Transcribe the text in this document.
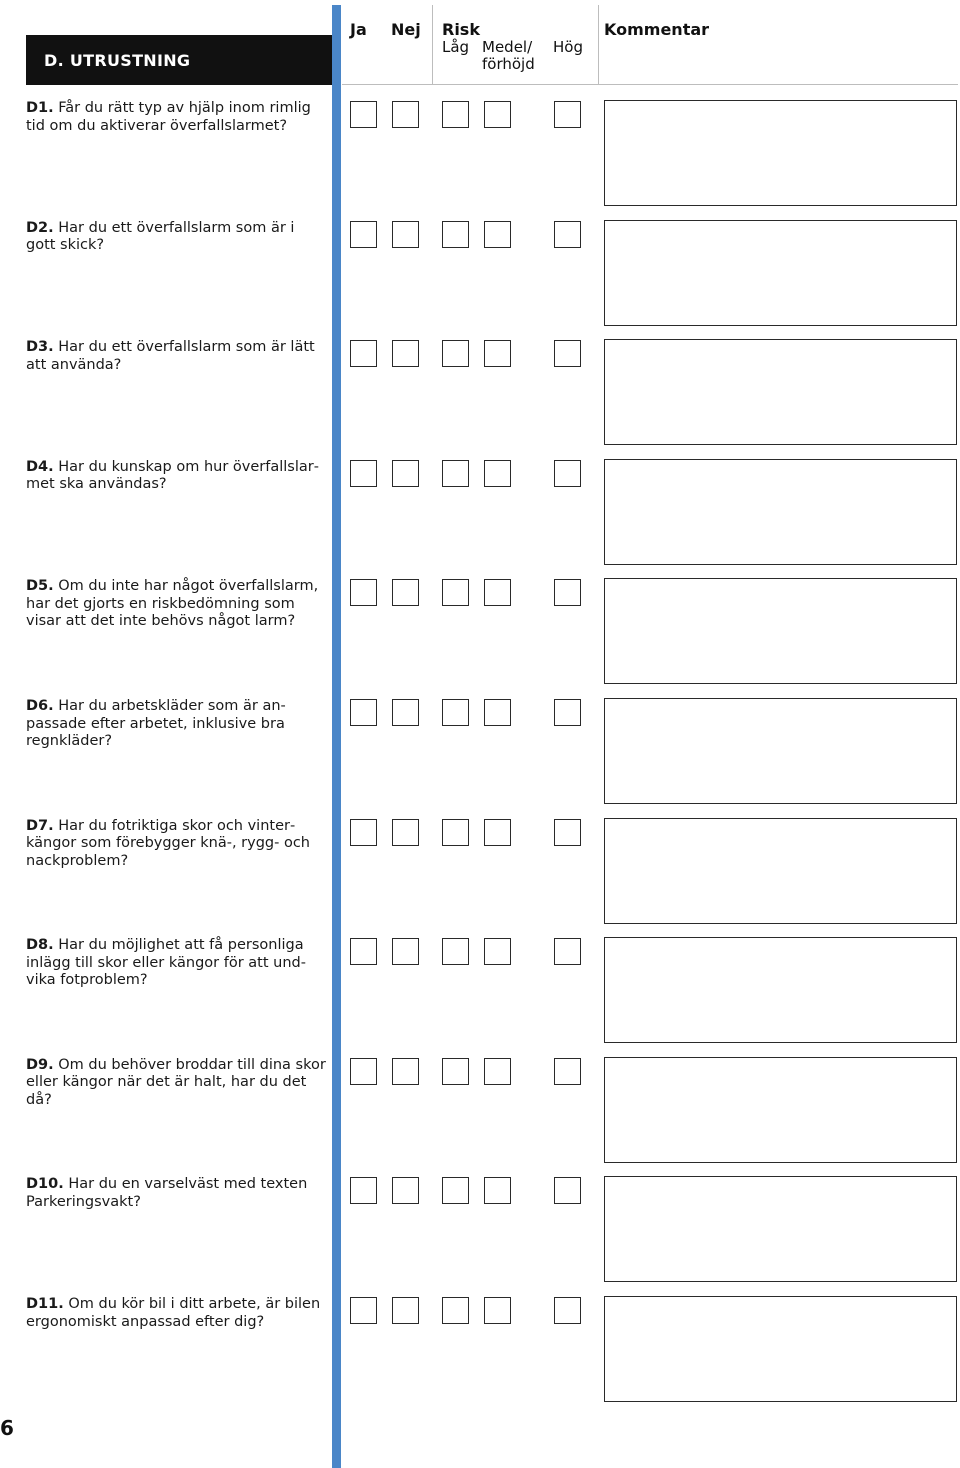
D. UTRUSTNING
Ja Nej Risk
Låg Medel/
förhöjd
Hög
Kommentar
D1. Får du rätt typ av hjälp inom rimlig tid om du aktiverar överfallslarmet?
D2. Har du ett överfallslarm som är i gott skick?
D3. Har du ett överfallslarm som är lätt att använda?
D4. Har du kunskap om hur överfallslarmet ska användas?
D5. Om du inte har något överfallslarm, har det gjorts en riskbedömning som visar att det inte behövs något larm?
D6. Har du arbetskläder som är anpassade efter arbetet, inklusive bra regnkläder?
D7. Har du fotriktiga skor och vinterkängor som förebygger knä-, rygg- och nackproblem?
D8. Har du möjlighet att få personliga inlägg till skor eller kängor för att undvika fotproblem?
D9. Om du behöver broddar till dina skor eller kängor när det är halt, har du det då?
D10. Har du en varselväst med texten Parkeringsvakt?
D11. Om du kör bil i ditt arbete, är bilen ergonomiskt anpassad efter dig?
6
